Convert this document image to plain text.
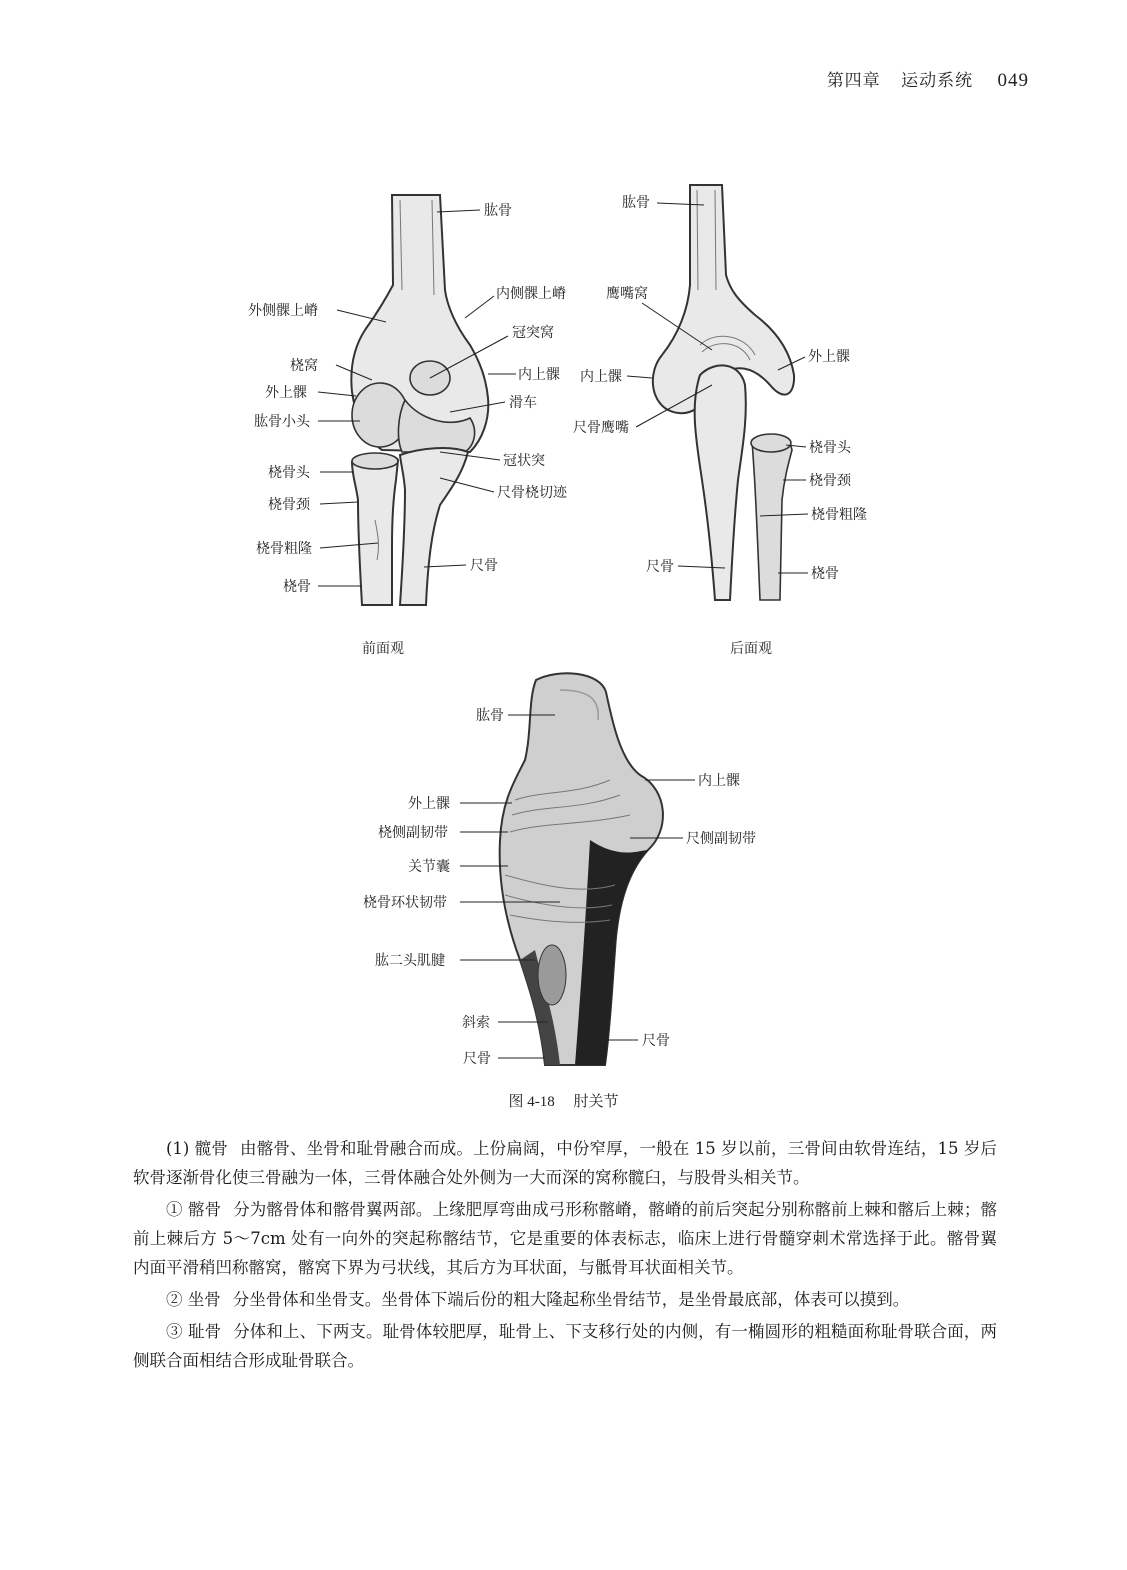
第四章 运动系统 049
肱骨
外侧髁上嵴
内侧髁上嵴
冠突窝
桡窝
内上髁
外上髁
滑车
肱骨小头
冠状突
桡骨头
尺骨桡切迹
桡骨颈
桡骨粗隆
尺骨
桡骨
前面观
肱骨
鹰嘴窝
外上髁
内上髁
尺骨鹰嘴
桡骨头
桡骨颈
桡骨粗隆
尺骨	桡骨
后面观
肱骨
内上髁
外上髁
桡侧副韧带	尺侧副韧带
关节囊
桡骨环状韧带
肱二头肌腱
斜索
尺骨
尺骨
图 4-18 肘关节

(1) 髋骨 由髂骨、坐骨和耻骨融合而成。上份扁阔，中份窄厚，一般在 15 岁以前，三骨间由软骨连结，15 岁后软骨逐渐骨化使三骨融为一体，三骨体融合处外侧为一大而深的窝称髋臼，与股骨头相关节。

① 髂骨 分为髂骨体和髂骨翼两部。上缘肥厚弯曲成弓形称髂嵴，髂嵴的前后突起分别称髂前上棘和髂后上棘；髂前上棘后方 5～7cm 处有一向外的突起称髂结节，它是重要的体表标志，临床上进行骨髓穿刺术常选择于此。髂骨翼内面平滑稍凹称髂窝，髂窝下界为弓状线，其后方为耳状面，与骶骨耳状面相关节。

② 坐骨 分坐骨体和坐骨支。坐骨体下端后份的粗大隆起称坐骨结节，是坐骨最底部，体表可以摸到。

③ 耻骨 分体和上、下两支。耻骨体较肥厚，耻骨上、下支移行处的内侧，有一椭圆形的粗糙面称耻骨联合面，两侧联合面相结合形成耻骨联合。
